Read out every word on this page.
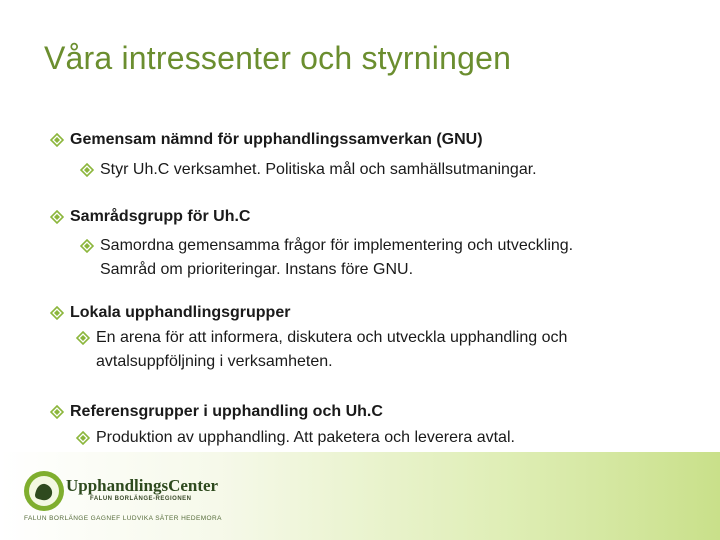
Våra intressenter och styrningen
Gemensam nämnd för upphandlingssamverkan (GNU)
Styr Uh.C verksamhet. Politiska mål och samhällsutmaningar.
Samrådsgrupp för Uh.C
Samordna gemensamma frågor för implementering och utveckling.
Samråd om prioriteringar. Instans före GNU.
Lokala upphandlingsgrupper
En arena för att informera, diskutera och utveckla upphandling och
avtalsuppföljning i verksamheten.
Referensgrupper i upphandling och Uh.C
Produktion av upphandling. Att paketera och leverera avtal.
UpphandlingsCenter
FALUN BORLÄNGE-REGIONEN
FALUN BORLÄNGE GAGNEF LUDVIKA SÄTER HEDEMORA
